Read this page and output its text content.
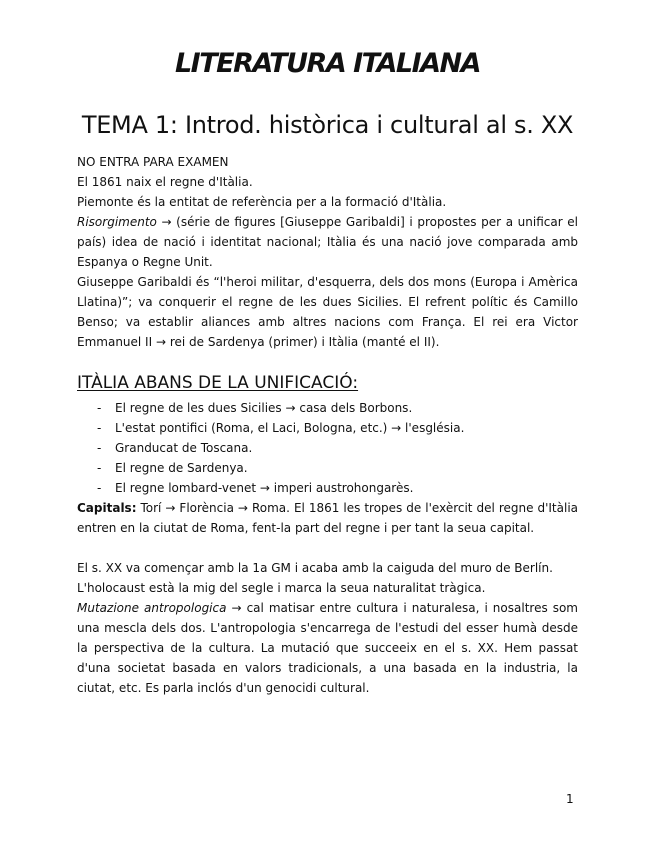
LITERATURA ITALIANA
TEMA 1: Introd. històrica i cultural al s. XX

NO ENTRA PARA EXAMEN

El 1861 naix el regne d'Itàlia.

Piemonte és la entitat de referència per a la formació d'Itàlia.

Risorgimento → (série de figures [Giuseppe Garibaldi] i propostes per a unificar el país) idea de nació i identitat nacional; Itàlia és una nació jove comparada amb Espanya o Regne Unit.

Giuseppe Garibaldi és “l'heroi militar, d'esquerra, dels dos mons (Europa i Amèrica Llatina)”; va conquerir el regne de les dues Sicilies. El refrent polític és Camillo Benso; va establir aliances amb altres nacions com França. El rei era Victor Emmanuel II → rei de Sardenya (primer) i Itàlia (manté el II).

ITÀLIA ABANS DE LA UNIFICACIÓ:
- El regne de les dues Sicilies → casa dels Borbons.
- L'estat pontifici (Roma, el Laci, Bologna, etc.) → l'església.
- Granducat de Toscana.
- El regne de Sardenya.
- El regne lombard-venet → imperi austrohongarès.

Capitals: Torí → Florència → Roma. El 1861 les tropes de l'exèrcit del regne d'Itàlia entren en la ciutat de Roma, fent-la part del regne i per tant la seua capital.

El s. XX va començar amb la 1a GM i acaba amb la caiguda del muro de Berlín.

L'holocaust està la mig del segle i marca la seua naturalitat tràgica.

Mutazione antropologica → cal matisar entre cultura i naturalesa, i nosaltres som una mescla dels dos. L'antropologia s'encarrega de l'estudi del esser humà desde la perspectiva de la cultura. La mutació que succeeix en el s. XX. Hem passat d'una societat basada en valors tradicionals, a una basada en la industria, la ciutat, etc. Es parla inclós d'un genocidi cultural.

1
